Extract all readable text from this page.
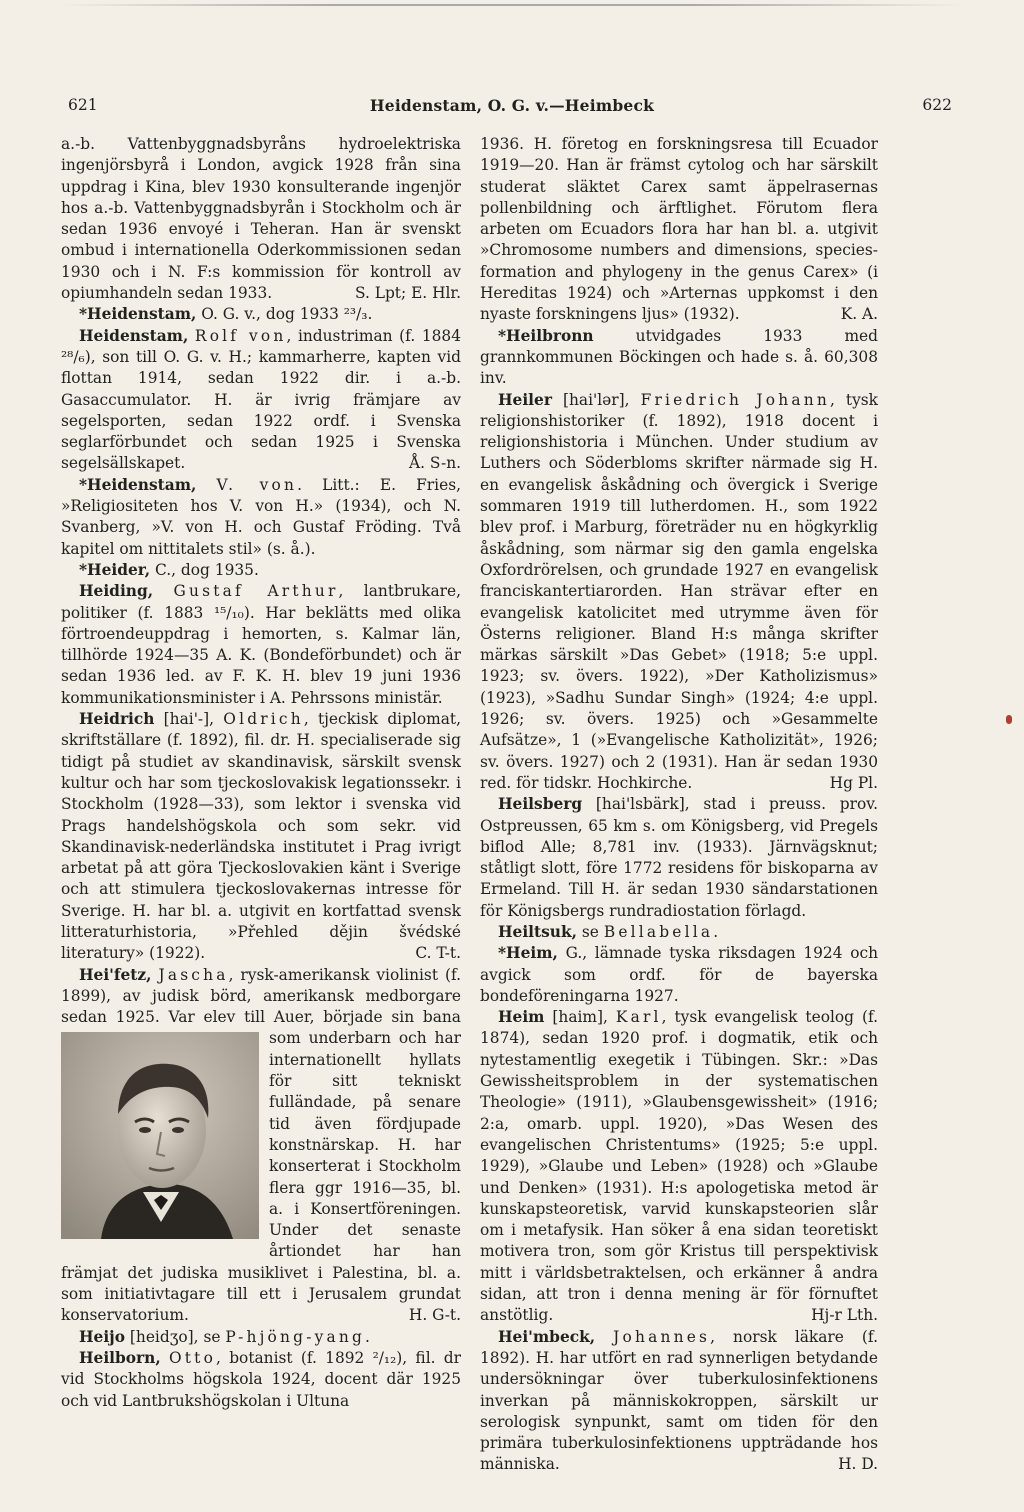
621	Heidenstam, O. G. v.—Heimbeck	622

a.-b. Vattenbyggnadsbyråns hydroelektriska ingenjörsbyrå i London, avgick 1928 från sina uppdrag i Kina, blev 1930 konsulterande ingenjör hos a.-b. Vattenbyggnadsbyrån i Stockholm och är sedan 1936 envoyé i Teheran. Han är svenskt ombud i internationella Oderkommissionen sedan 1930 och i N. F:s kommission för kontroll av opiumhandeln sedan 1933.	S. Lpt; E. Hlr.

*Heidenstam, O. G. v., dog 1933 ²³/₃.

Heidenstam, Rolf von, industriman (f. 1884 ²⁸/₆), son till O. G. v. H.; kammarherre, kapten vid flottan 1914, sedan 1922 dir. i a.-b. Gasaccumulator. H. är ivrig främjare av segelsporten, sedan 1922 ordf. i Svenska seglarförbundet och sedan 1925 i Svenska segelsällskapet.	Å. S-n.

*Heidenstam, V. von. Litt.: E. Fries, »Religiositeten hos V. von H.» (1934), och N. Svanberg, »V. von H. och Gustaf Fröding. Två kapitel om nittitalets stil» (s. å.).

*Heider, C., dog 1935.

Heiding, Gustaf Arthur, lantbrukare, politiker (f. 1883 ¹⁵/₁₀). Har beklätts med olika förtroendeuppdrag i hemorten, s. Kalmar län, tillhörde 1924—35 A. K. (Bondeförbundet) och är sedan 1936 led. av F. K. H. blev 19 juni 1936 kommunikationsminister i A. Pehrssons ministär.

Heidrich [hai'-], Oldrich, tjeckisk diplomat, skriftställare (f. 1892), fil. dr. H. specialiserade sig tidigt på studiet av skandinavisk, särskilt svensk kultur och har som tjeckoslovakisk legationssekr. i Stockholm (1928—33), som lektor i svenska vid Prags handelshögskola och som sekr. vid Skandinavisk-nederländska institutet i Prag ivrigt arbetat på att göra Tjeckoslovakien känt i Sverige och att stimulera tjeckoslovakernas intresse för Sverige. H. har bl. a. utgivit en kortfattad svensk litteraturhistoria, »Přehled dějin švédské literatury» (1922).	C. T-t.

Hei'fetz, Jascha, rysk-amerikansk violinist (f. 1899), av judisk börd, amerikansk medborgare sedan 1925. Var elev till Auer, började sin bana som underbarn och har internationellt hyllats för sitt tekniskt fulländade, på senare tid även fördjupade konstnärskap. H. har konserterat i Stockholm flera ggr 1916—35, bl. a. i Konsertföreningen. Under det senaste årtiondet har han främjat det judiska musiklivet i Palestina, bl. a. som initiativtagare till ett i Jerusalem grundat konservatorium.	H. G-t.

Heijo [heidʒo], se P-hjöng-yang.

Heilborn, Otto, botanist (f. 1892 ²/₁₂), fil. dr vid Stockholms högskola 1924, docent där 1925 och vid Lantbrukshögskolan i Ultuna

1936. H. företog en forskningsresa till Ecuador 1919—20. Han är främst cytolog och har särskilt studerat släktet Carex samt äppelrasernas pollenbildning och ärftlighet. Förutom flera arbeten om Ecuadors flora har han bl. a. utgivit »Chromosome numbers and dimensions, species-formation and phylogeny in the genus Carex» (i Hereditas 1924) och »Arternas uppkomst i den nyaste forskningens ljus» (1932).	K. A.

*Heilbronn utvidgades 1933 med grannkommunen Böckingen och hade s. å. 60,308 inv.

Heiler [hai'lər], Friedrich Johann, tysk religionshistoriker (f. 1892), 1918 docent i religionshistoria i München. Under studium av Luthers och Söderbloms skrifter närmade sig H. en evangelisk åskådning och övergick i Sverige sommaren 1919 till lutherdomen. H., som 1922 blev prof. i Marburg, företräder nu en högkyrklig åskådning, som närmar sig den gamla engelska Oxfordrörelsen, och grundade 1927 en evangelisk franciskantertiarorden. Han strävar efter en evangelisk katolicitet med utrymme även för Österns religioner. Bland H:s många skrifter märkas särskilt »Das Gebet» (1918; 5:e uppl. 1923; sv. övers. 1922), »Der Katholizismus» (1923), »Sadhu Sundar Singh» (1924; 4:e uppl. 1926; sv. övers. 1925) och »Gesammelte Aufsätze», 1 (»Evangelische Katholizität», 1926; sv. övers. 1927) och 2 (1931). Han är sedan 1930 red. för tidskr. Hochkirche.	Hg Pl.

Heilsberg [hai'lsbärk], stad i preuss. prov. Ostpreussen, 65 km s. om Königsberg, vid Pregels biflod Alle; 8,781 inv. (1933). Järnvägsknut; ståtligt slott, före 1772 residens för biskoparna av Ermeland. Till H. är sedan 1930 sändarstationen för Königsbergs rundradiostation förlagd.

Heiltsuk, se Bellabella.

*Heim, G., lämnade tyska riksdagen 1924 och avgick som ordf. för de bayerska bondeföreningarna 1927.

Heim [haim], Karl, tysk evangelisk teolog (f. 1874), sedan 1920 prof. i dogmatik, etik och nytestamentlig exegetik i Tübingen. Skr.: »Das Gewissheitsproblem in der systematischen Theologie» (1911), »Glaubensgewissheit» (1916; 2:a, omarb. uppl. 1920), »Das Wesen des evangelischen Christentums» (1925; 5:e uppl. 1929), »Glaube und Leben» (1928) och »Glaube und Denken» (1931). H:s apologetiska metod är kunskapsteoretisk, varvid kunskapsteorien slår om i metafysik. Han söker å ena sidan teoretiskt motivera tron, som gör Kristus till perspektivisk mitt i världsbetraktelsen, och erkänner å andra sidan, att tron i denna mening är för förnuftet anstötlig.	Hj-r Lth.

Hei'mbeck, Johannes, norsk läkare (f. 1892). H. har utfört en rad synnerligen betydande undersökningar över tuberkulosinfektionens inverkan på människokroppen, särskilt ur serologisk synpunkt, samt om tiden för den primära tuberkulosinfektionens uppträdande hos människa.	H. D.
